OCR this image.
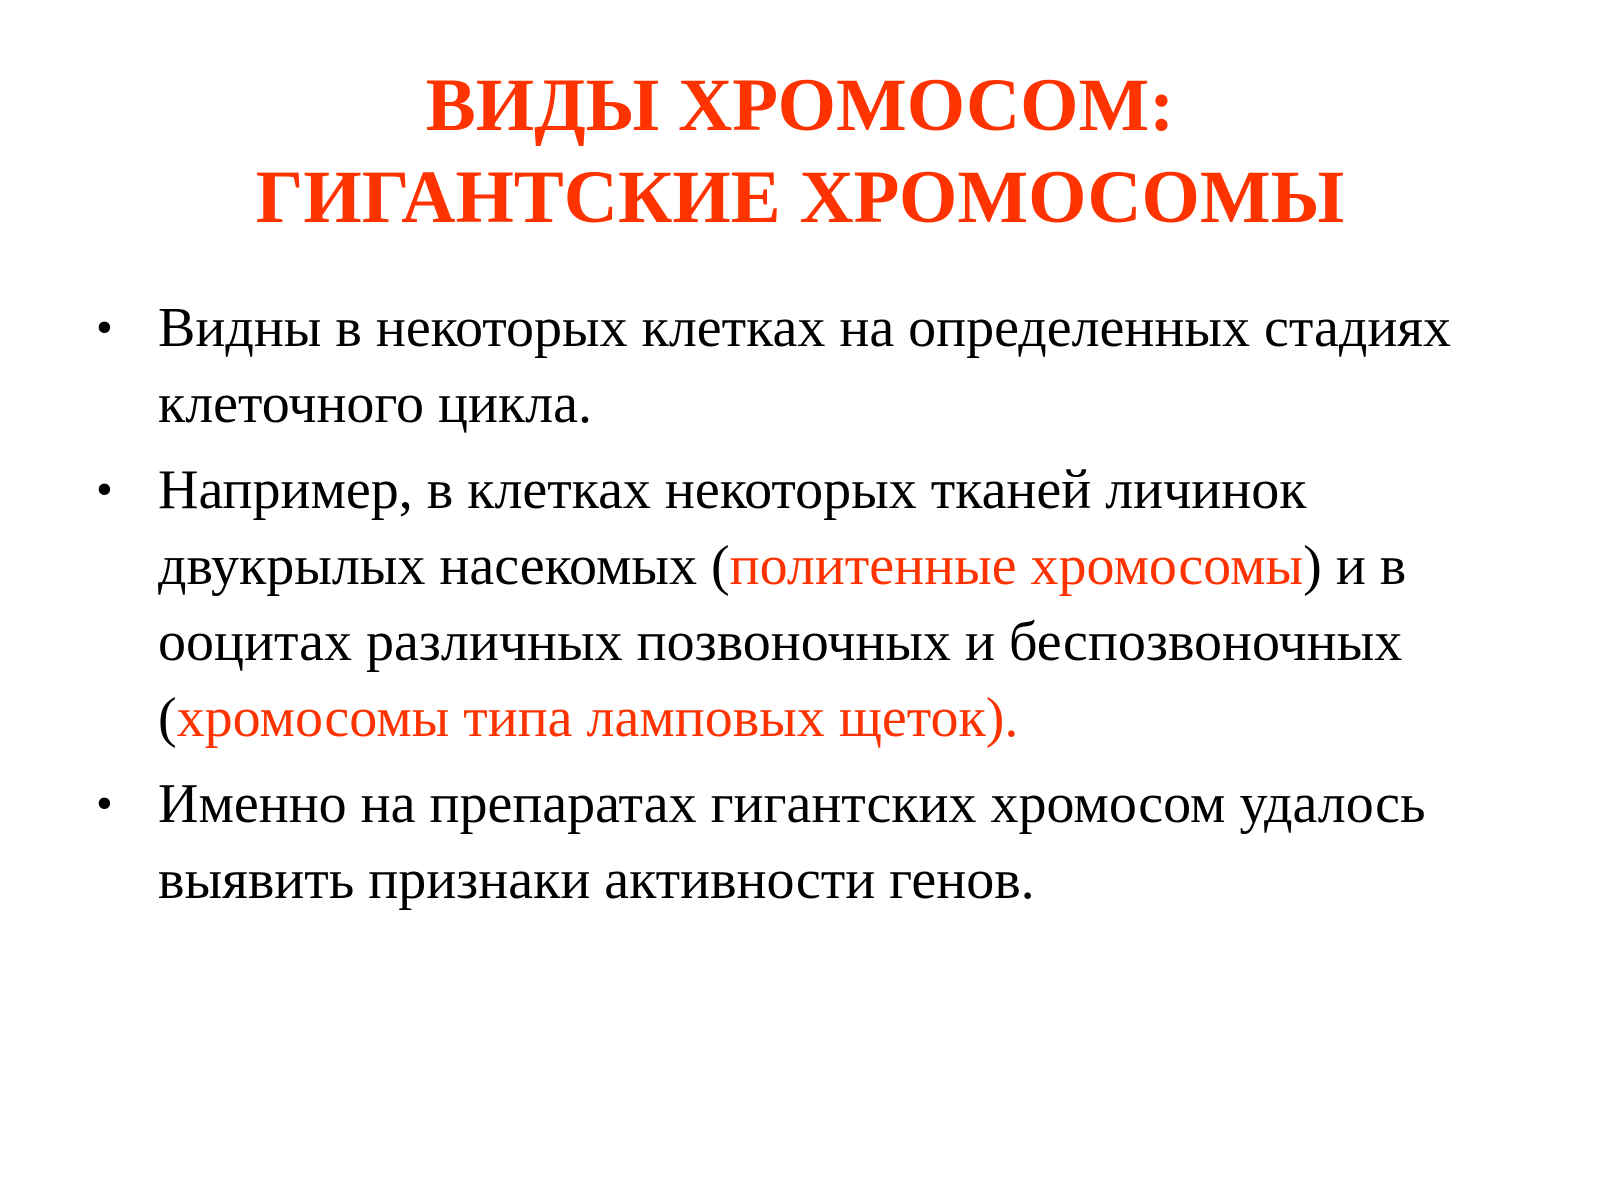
ВИДЫ ХРОМОСОМ:
ГИГАНТСКИЕ ХРОМОСОМЫ
• Видны в некоторых клетках на определенных стадиях клеточного цикла.
• Например, в клетках некоторых тканей личинок двукрылых насекомых (политенные хромосомы) и в ооцитах различных позвоночных и беспозвоночных (хромосомы типа ламповых щеток).
• Именно на препаратах гигантских хромосом удалось выявить признаки активности генов.
